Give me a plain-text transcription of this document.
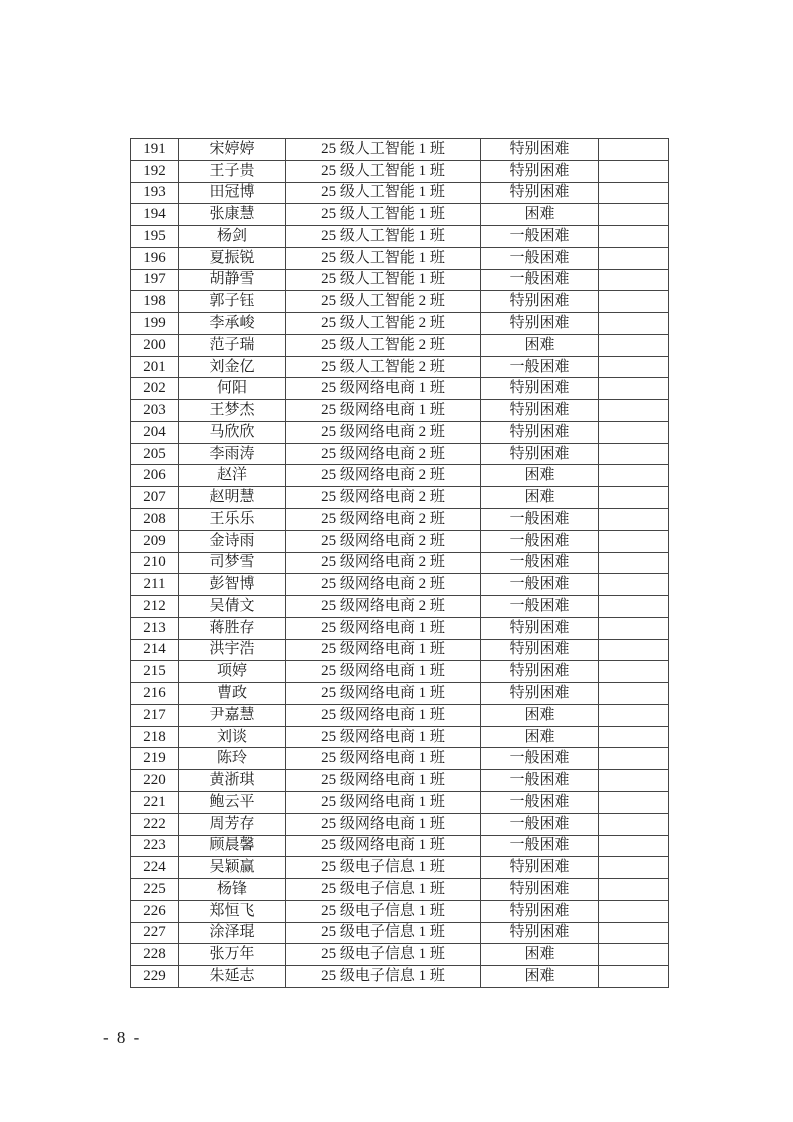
191	宋婷婷	25 级人工智能 1 班	特别困难	
192	王子贵	25 级人工智能 1 班	特别困难	
193	田冠博	25 级人工智能 1 班	特别困难	
194	张康慧	25 级人工智能 1 班	困难	
195	杨剑	25 级人工智能 1 班	一般困难	
196	夏振锐	25 级人工智能 1 班	一般困难	
197	胡静雪	25 级人工智能 1 班	一般困难	
198	郭子钰	25 级人工智能 2 班	特别困难	
199	李承峻	25 级人工智能 2 班	特别困难	
200	范子瑞	25 级人工智能 2 班	困难	
201	刘金亿	25 级人工智能 2 班	一般困难	
202	何阳	25 级网络电商 1 班	特别困难	
203	王梦杰	25 级网络电商 1 班	特别困难	
204	马欣欣	25 级网络电商 2 班	特别困难	
205	李雨涛	25 级网络电商 2 班	特别困难	
206	赵洋	25 级网络电商 2 班	困难	
207	赵明慧	25 级网络电商 2 班	困难	
208	王乐乐	25 级网络电商 2 班	一般困难	
209	金诗雨	25 级网络电商 2 班	一般困难	
210	司梦雪	25 级网络电商 2 班	一般困难	
211	彭智博	25 级网络电商 2 班	一般困难	
212	吴倩文	25 级网络电商 2 班	一般困难	
213	蒋胜存	25 级网络电商 1 班	特别困难	
214	洪宇浩	25 级网络电商 1 班	特别困难	
215	项婷	25 级网络电商 1 班	特别困难	
216	曹政	25 级网络电商 1 班	特别困难	
217	尹嘉慧	25 级网络电商 1 班	困难	
218	刘谈	25 级网络电商 1 班	困难	
219	陈玲	25 级网络电商 1 班	一般困难	
220	黄浙琪	25 级网络电商 1 班	一般困难	
221	鲍云平	25 级网络电商 1 班	一般困难	
222	周芳存	25 级网络电商 1 班	一般困难	
223	顾晨馨	25 级网络电商 1 班	一般困难	
224	吴颖赢	25 级电子信息 1 班	特别困难	
225	杨锋	25 级电子信息 1 班	特别困难	
226	郑恒飞	25 级电子信息 1 班	特别困难	
227	涂泽琨	25 级电子信息 1 班	特别困难	
228	张万年	25 级电子信息 1 班	困难	
229	朱延志	25 级电子信息 1 班	困难	
- 8 -
